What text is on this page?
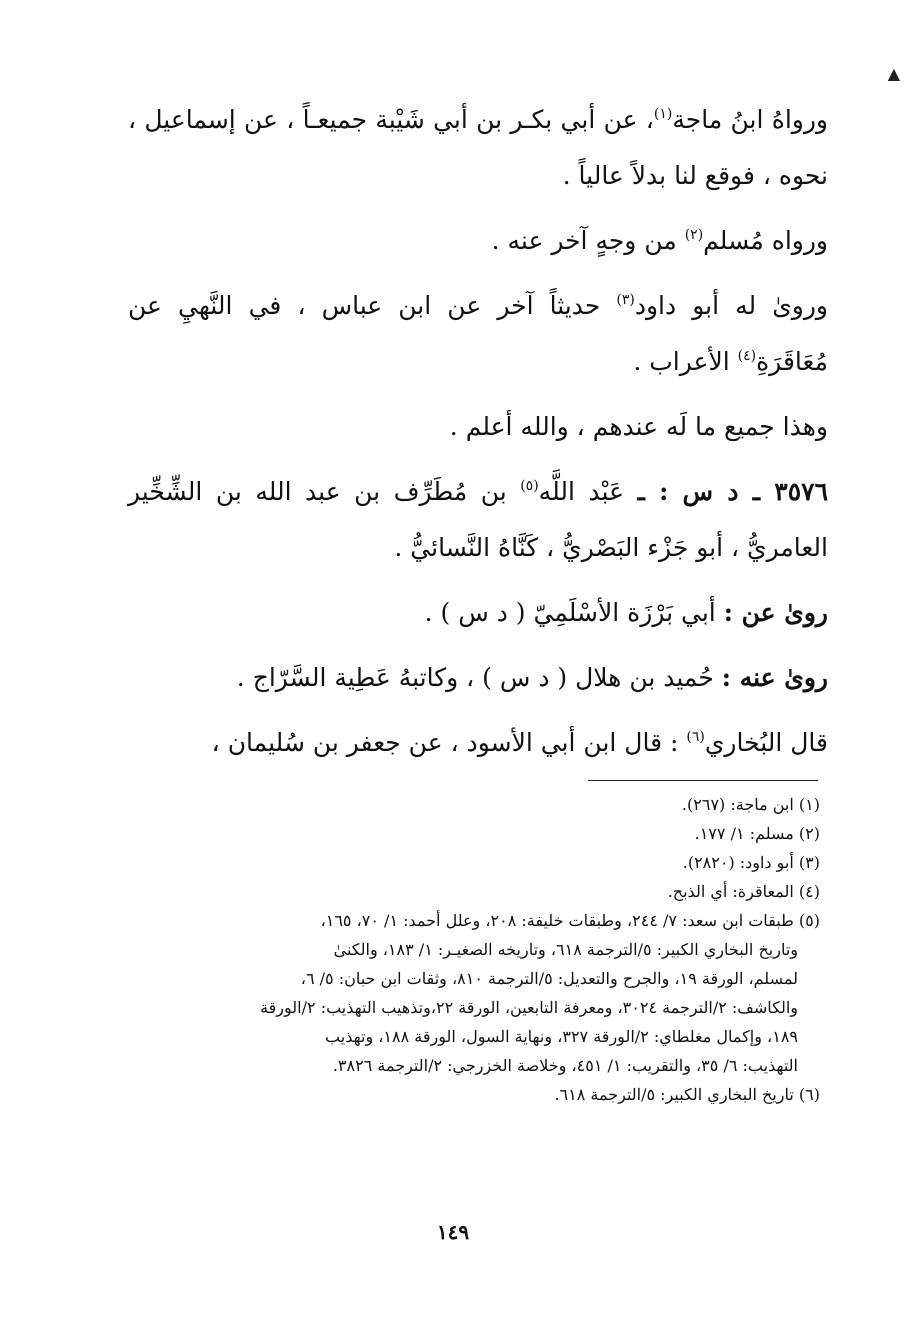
▲

ورواهُ ابنُ ماجة$^{(١)}$، عن أبي بكـر بن أبي شَيْبة جميعـاً ، عن إسماعيل ، نحوه ، فوقع لنا بدلاً عالياً .

ورواه مُسلم$^{(٢)}$ من وجهٍ آخر عنه .

وروىٰ له أبو داود$^{(٣)}$ حديثاً آخر عن ابن عباس ، في النَّهيِ عن مُعَاقَرَةِ$^{(٤)}$ الأعراب .

وهذا جميع ما لَه عندهم ، والله أعلم .

٣٥٧٦ ـ د س : ـ عَبْد اللَّه$^{(٥)}$ بن مُطَرِّف بن عبد الله بن الشِّخِّير العامريُّ ، أبو جَزْء البَصْريُّ ، كَنَّاهُ النَّسائيُّ .

روىٰ عن : أبي بَرْزَة الأسْلَمِيّ ( د س ) .

روىٰ عنه : حُميد بن هلال ( د س ) ، وكاتبهُ عَطِية السَّرّاج .

قال البُخاري$^{(٦)}$ : قال ابن أبي الأسود ، عن جعفر بن سُليمان ،

(١) ابن ماجة: (٢٦٧).

(٢) مسلم: ١/ ١٧٧.

(٣) أبو داود: (٢٨٢٠).

(٤) المعاقرة: أي الذبح.

(٥) طبقات ابن سعد: ٧/ ٢٤٤، وطبقات خليفة: ٢٠٨، وعلل أحمد: ١/ ٧٠، ١٦٥،
وتاريخ البخاري الكبير: ٥/الترجمة ٦١٨، وتاريخه الصغيـر: ١/ ١٨٣، والكنىٰ
لمسلم، الورقة ١٩، والجرح والتعديل: ٥/الترجمة ٨١٠، وثقات ابن حبان: ٥/ ٦،
والكاشف: ٢/الترجمة ٣٠٢٤، ومعرفة التابعين، الورقة ٢٢،وتذهيب التهذيب: ٢/الورقة
١٨٩، وإكمال مغلطاي: ٢/الورقة ٣٢٧، ونهاية السول، الورقة ١٨٨، وتهذيب
التهذيب: ٦/ ٣٥، والتقريب: ١/ ٤٥١، وخلاصة الخزرجي: ٢/الترجمة ٣٨٢٦.

(٦) تاريخ البخاري الكبير: ٥/الترجمة ٦١٨.

١٤٩
